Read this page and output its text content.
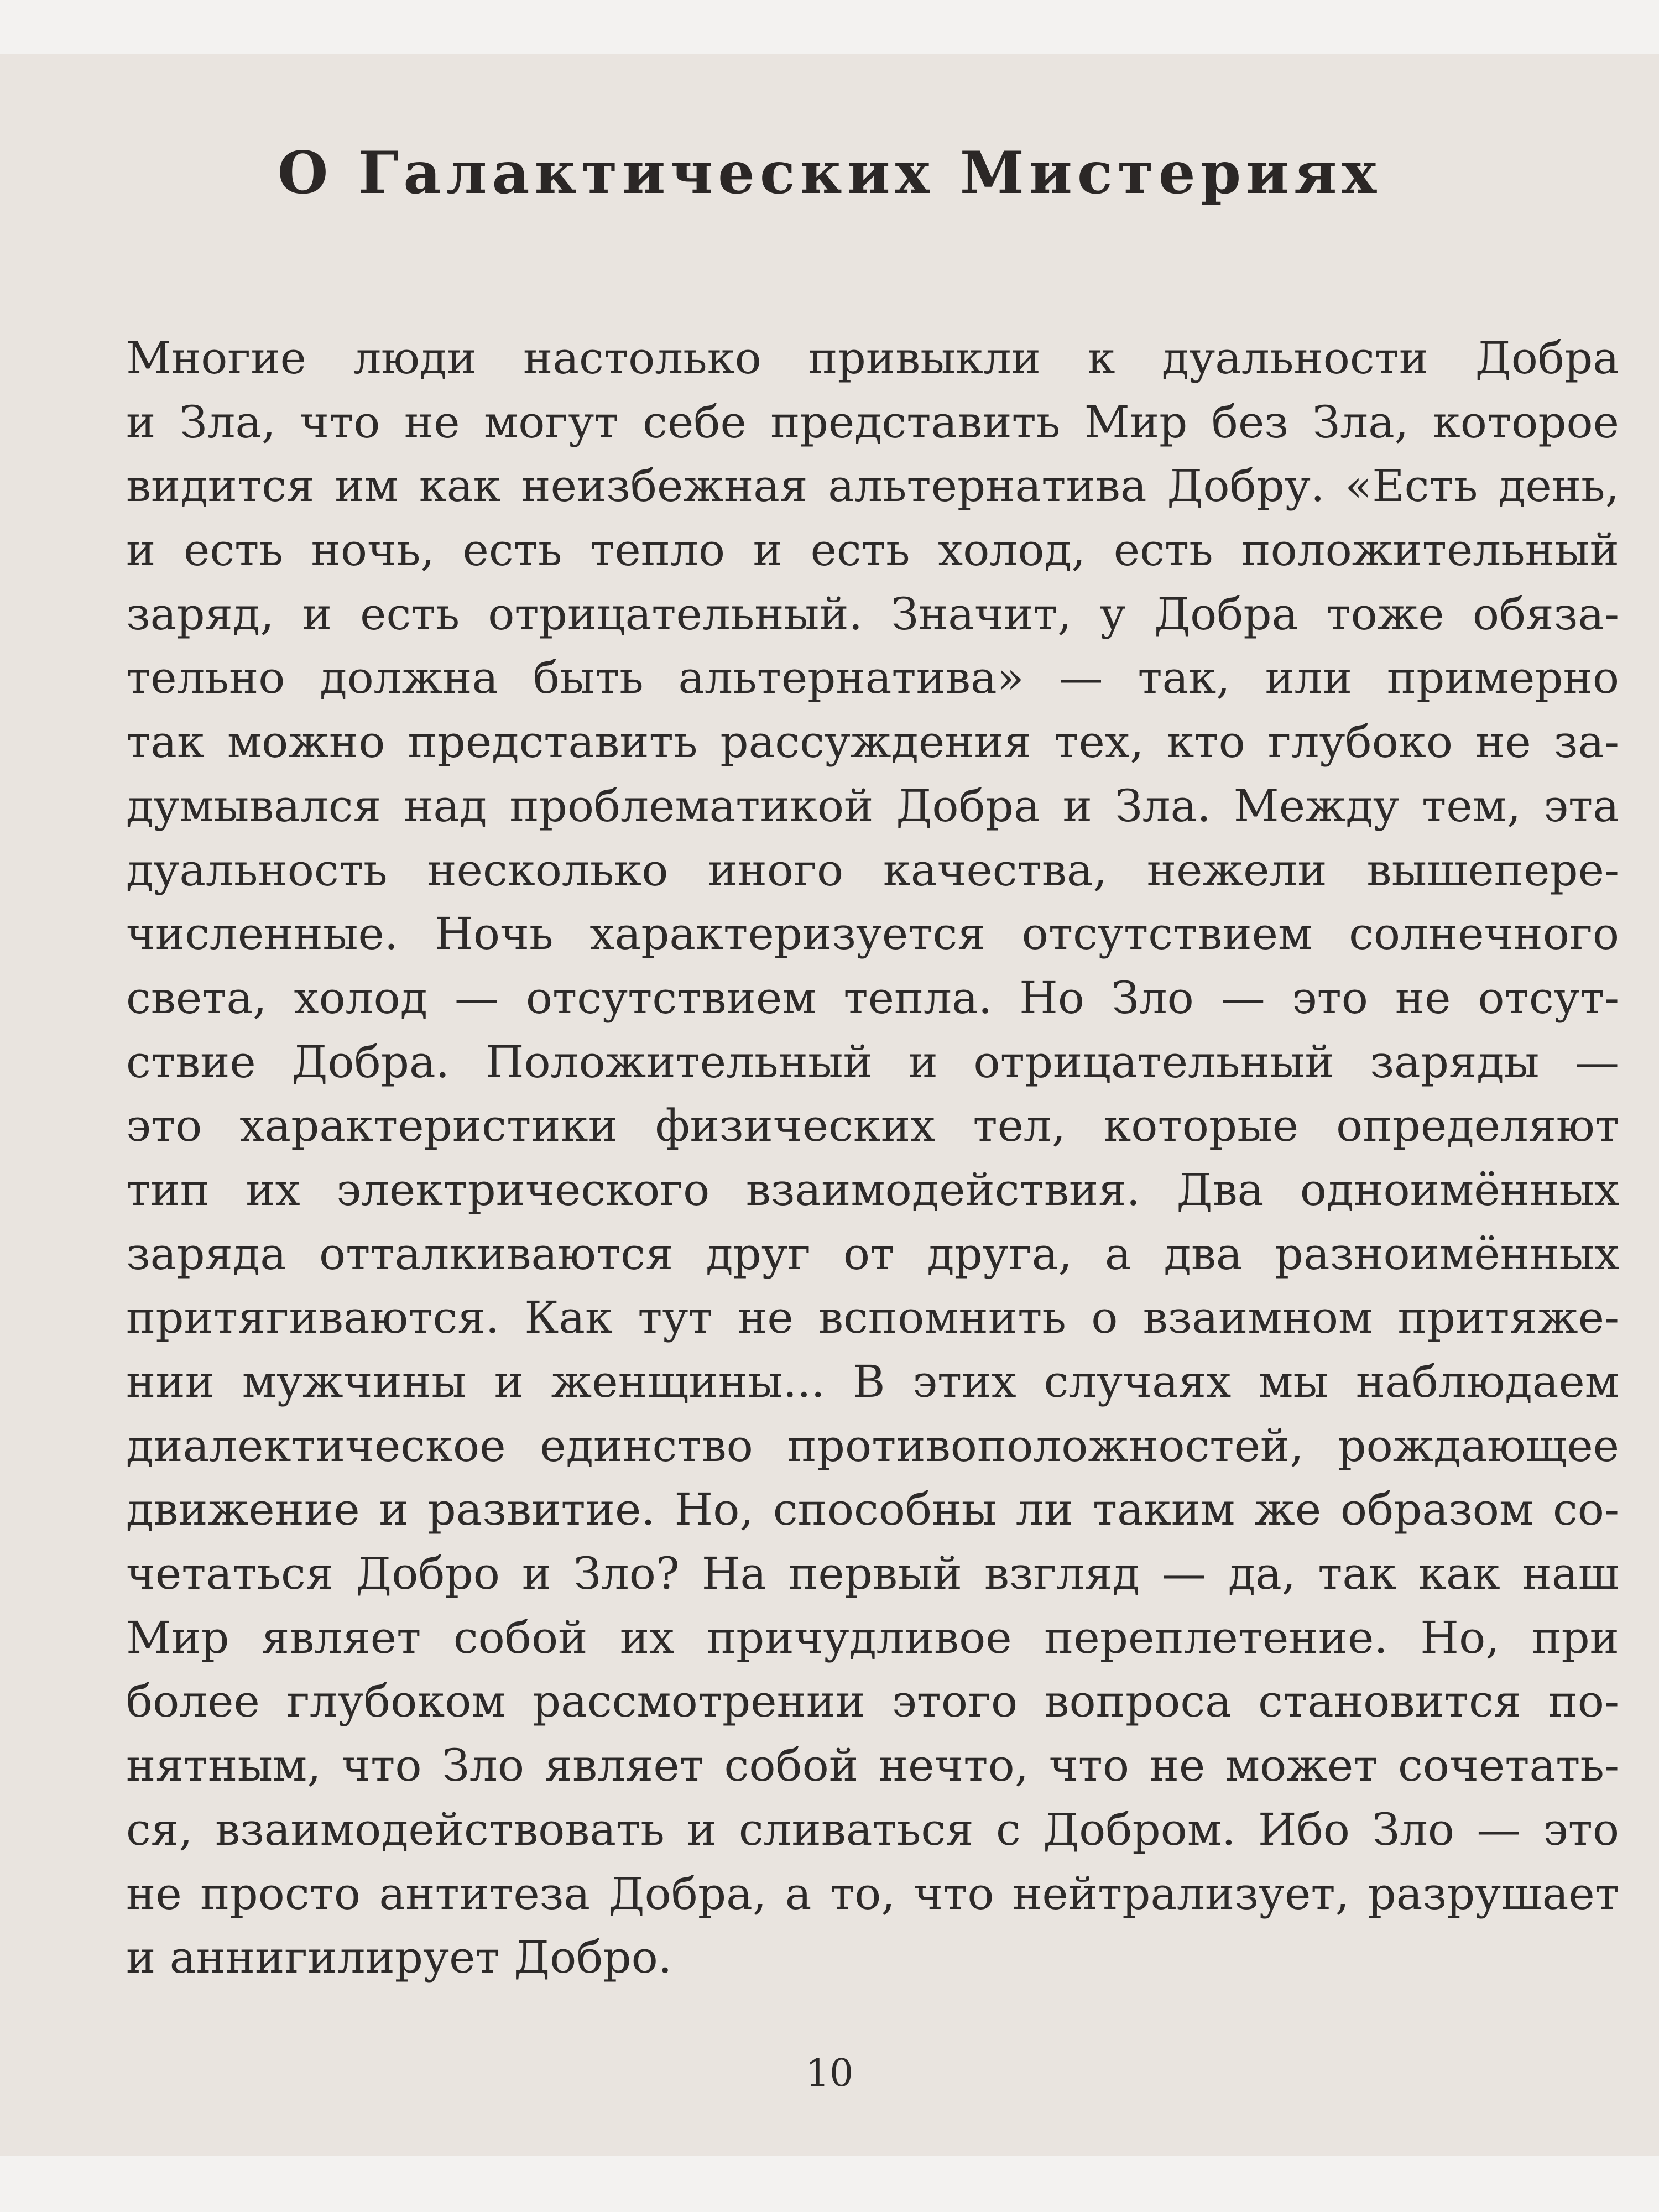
О Галактических Мистериях
Многие люди настолько привыкли к дуальности Добра
и Зла, что не могут себе представить Мир без Зла, которое
видится им как неизбежная альтернатива Добру. «Есть день,
и есть ночь, есть тепло и есть холод, есть положительный
заряд, и есть отрицательный. Значит, у Добра тоже обяза-
тельно должна быть альтернатива» — так, или примерно
так можно представить рассуждения тех, кто глубоко не за-
думывался над проблематикой Добра и Зла. Между тем, эта
дуальность несколько иного качества, нежели вышепере-
численные. Ночь характеризуется отсутствием солнечного
света, холод — отсутствием тепла. Но Зло — это не отсут-
ствие Добра. Положительный и отрицательный заряды —
это характеристики физических тел, которые определяют
тип их электрического взаимодействия. Два одноимённых
заряда отталкиваются друг от друга, а два разноимённых
притягиваются. Как тут не вспомнить о взаимном притяже-
нии мужчины и женщины... В этих случаях мы наблюдаем
диалектическое единство противоположностей, рождающее
движение и развитие. Но, способны ли таким же образом со-
четаться Добро и Зло? На первый взгляд — да, так как наш
Мир являет собой их причудливое переплетение. Но, при
более глубоком рассмотрении этого вопроса становится по-
нятным, что Зло являет собой нечто, что не может сочетать-
ся, взаимодействовать и сливаться с Добром. Ибо Зло — это
не просто антитеза Добра, а то, что нейтрализует, разрушает
и аннигилирует Добро.
10
